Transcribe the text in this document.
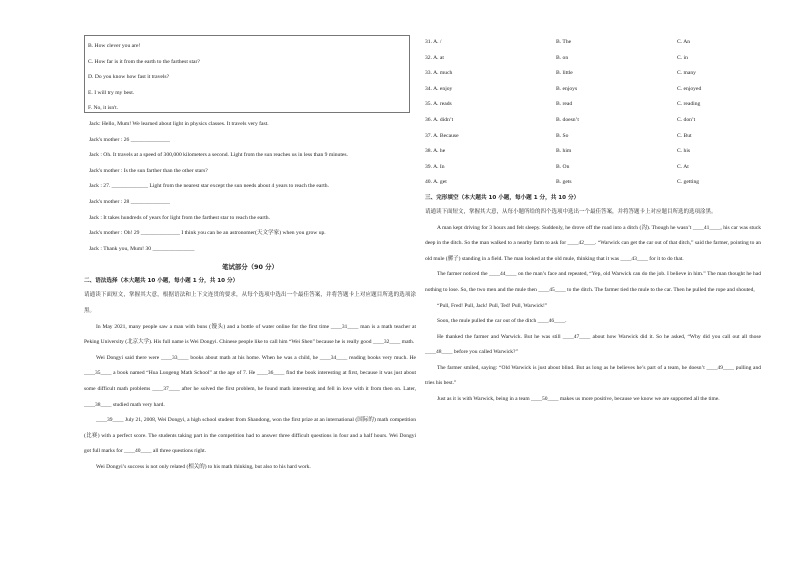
B. How clever you are!
C. How far is it from the earth to the farthest star?
D. Do you know how fast it travels?
E. I will try my best.
F. No, it isn't.
Jack: Hello, Mum! We learned about light in physics classes. It travels very fast.
Jack's mother : 26 ______________
Jack : Oh. It travels at a speed of 300,000 kilometers a second. Light from the sun reaches us in less than 9 minutes.
Jack's mother : Is the sun farther than the other stars?
Jack : 27. _____________ Light from the nearest star except the sun needs about 4 years to reach the earth.
Jack's mother : 28 ______________
Jack : It takes hundreds of years for light from the farthest star to reach the earth.
Jack's mother : Oh! 29 ______________ I think you can be an astronomer(天文学家) when you grow up.
Jack : Thank you, Mum! 30 _______________
笔试部分（90 分）
二、语法选择（本大题共 10 小题，每小题 1 分，共 10 分）
请通读下面短文，掌握其大意，根据语法和上下文连贯的要求，从每个选项中选出一个最佳答案，并将答题卡上对应题目所选的选项涂黑。
In May 2021, many people saw a man with buns (馒头) and a bottle of water online for the first time ____31____ man is a math teacher at Peking University (北京大学). His full name is Wei Dongyi. Chinese people like to call him “Wei Shen” because he is really good ____32____ math.
Wei Dongyi said there were ____33____ books about math at his home. When he was a child, he ____34____ reading books very much. He ____35____ a book named “Hua Luogeng Math School” at the age of 7. He ____36____ find the book interesting at first, because it was just about some difficult math problems ____37____ after he solved the first problem, he found math interesting and fell in love with it from then on. Later, ____38____ studied math very hard.
____39____ July 21, 2008, Wei Dongyi, a high school student from Shandong, won the first prize at an international (国际的) math competition (比赛) with a perfect score. The students taking part in the competition had to answer three difficult questions in four and a half hours. Wei Dongyi got full marks for ____40____ all three questions right.
Wei Dongyi’s success is not only related (相关的) to his math thinking, but also to his hard work.
31. A. /	B. The	C. An
32. A. at	B. on	C. in
33. A. much	B. little	C. many
34. A. enjoy	B. enjoys	C. enjoyed
35. A. reads	B. read	C. reading
36. A. didn’t	B. doesn’t	C. don’t
37. A. Because	B. So	C. But
38. A. he	B. him	C. his
39. A. In	B. On	C. At
40. A. get	B. gets	C. getting
三、完形填空（本大题共 10 小题，每小题 1 分，共 10 分）
请通读下面短文，掌握其大意，从每小题所给的四个选项中选出一个最佳答案，并将答题卡上对应题目所选的选项涂黑。
A man kept driving for 3 hours and felt sleepy. Suddenly, he drove off the road into a ditch (沟). Though he wasn’t ____41____, his car was stuck deep in the ditch. So the man walked to a nearby farm to ask for ____42____. “Warwick can get the car out of that ditch,” said the farmer, pointing to an old mule (骡子) standing in a field. The man looked at the old mule, thinking that it was ____43____ for it to do that.
The farmer noticed the ____44____ on the man’s face and repeated, “Yep, old Warwick can do the job. I believe in him.” The man thought he had nothing to lose. So, the two men and the mule then ____45____ to the ditch. The farmer tied the mule to the car. Then he pulled the rope and shouted,
“Pull, Fred! Pull, Jack! Pull, Ted! Pull, Warwick!”
Soon, the mule pulled the car out of the ditch ____46____.
He thanked the farmer and Warwick. But he was still ____47____ about how Warwick did it. So he asked, “Why did you call out all those ____48____ before you called Warwick?”
The farmer smiled, saying: “Old Warwick is just about blind. But as long as he believes he’s part of a team, he doesn’t ____49____ pulling and tries his best.”
Just as it is with Warwick, being in a team ____50____ makes us more positive, because we know we are supported all the time.
